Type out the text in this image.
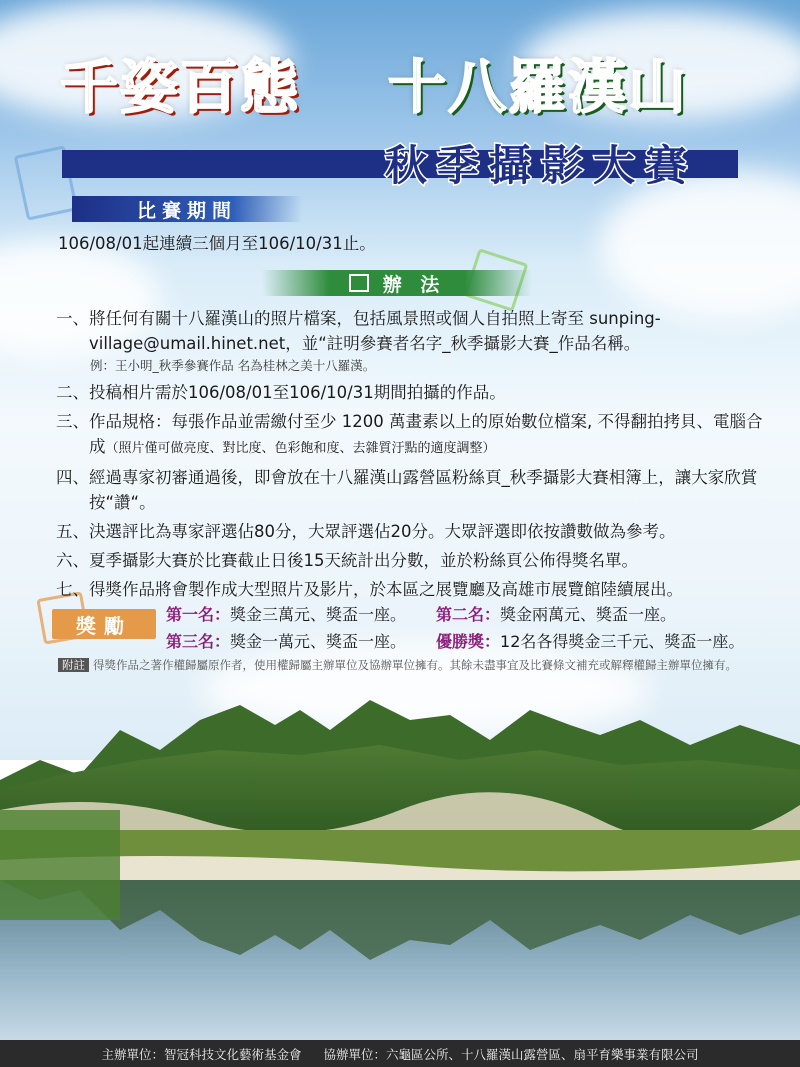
千姿百態 十八羅漢山
秋季攝影大賽
比賽期間
106/08/01起連續三個月至106/10/31止。
辦 法
一、 將任何有關十八羅漢山的照片檔案，包括風景照或個人自拍照上寄至 sunping-village@umail.hinet.net，並“註明參賽者名字_秋季攝影大賽_作品名稱。
例：王小明_秋季參賽作品 名為桂林之美十八羅漢。
二、 投稿相片需於106/08/01至106/10/31期間拍攝的作品。
三、 作品規格：每張作品並需繳付至少 1200 萬畫素以上的原始數位檔案, 不得翻拍拷貝、電腦合成（照片僅可做亮度、對比度、色彩飽和度、去雜質汙點的適度調整）
四、 經過專家初審通過後，即會放在十八羅漢山露營區粉絲頁_秋季攝影大賽相簿上，讓大家欣賞按“讚“。
五、 決選評比為專家評選佔80分，大眾評選佔20分。大眾評選即依按讚數做為參考。
六、 夏季攝影大賽於比賽截止日後15天統計出分數，並於粉絲頁公佈得獎名單。
七、 得獎作品將會製作成大型照片及影片，於本區之展覽廳及高雄市展覽館陸續展出。
獎勵	第一名：獎金三萬元、獎盃一座。 第二名：獎金兩萬元、獎盃一座。
第三名：獎金一萬元、獎盃一座。 優勝獎：12名各得獎金三千元、獎盃一座。
附註 得獎作品之著作權歸屬原作者，使用權歸屬主辦單位及協辦單位擁有。其餘未盡事宜及比賽條文補充或解釋權歸主辦單位擁有。
主辦單位：智冠科技文化藝術基金會 協辦單位：六龜區公所、十八羅漢山露營區、扇平育樂事業有限公司
